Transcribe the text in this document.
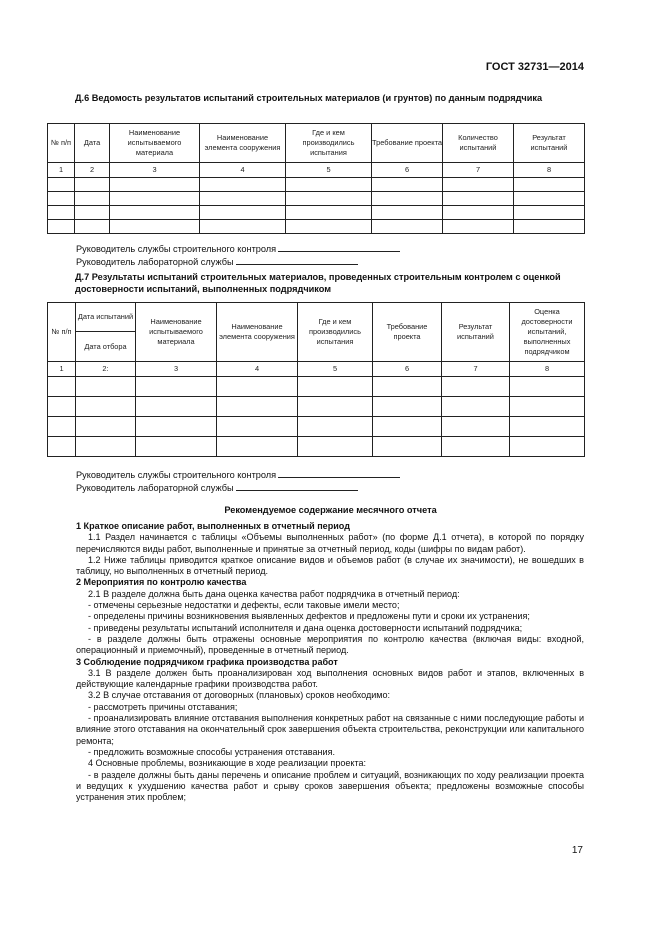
ГОСТ 32731—2014
Д.6 Ведомость результатов испытаний строительных материалов (и грунтов) по данным подрядчика
№ п/п	Дата	Наименование испытываемого материала	Наименование элемента сооружения	Где и кем производились испытания	Требование проекта	Количество испытаний	Результат испытаний
1	2	3	4	5	6	7	8

Руководитель службы строительного контроля
Руководитель лабораторной службы
Д.7 Результаты испытаний строительных материалов, проведенных строительным контролем с оценкой достоверности испытаний, выполненных подрядчиком
№ п/п	Дата испытаний	Наименование испытываемого материала	Наименование элемента сооружения	Где и кем производились испытания	Требование проекта	Результат испытаний	Оценка достоверности испытаний, выполненных подрядчиком
	Дата отбора						
1	2:	3	4	5	6	7	8

Руководитель службы строительного контроля
Руководитель лабораторной службы
Рекомендуемое содержание месячного отчета

1 Краткое описание работ, выполненных в отчетный период

1.1 Раздел начинается с таблицы «Объемы выполненных работ» (по форме Д.1 отчета), в которой по порядку перечисляются виды работ, выполненные и принятые за отчетный период, коды (шифры по видам работ).

1.2 Ниже таблицы приводится краткое описание видов и объемов работ (в случае их значимости), не вошедших в таблицу, но выполненных в отчетный период.

2 Мероприятия по контролю качества

2.1 В разделе должна быть дана оценка качества работ подрядчика в отчетный период:

- отмечены серьезные недостатки и дефекты, если таковые имели место;

- определены причины возникновения выявленных дефектов и предложены пути и сроки их устранения;

- приведены результаты испытаний исполнителя и дана оценка достоверности испытаний подрядчика;

- в разделе должны быть отражены основные мероприятия по контролю качества (включая виды: входной, операционный и приемочный), проведенные в отчетный период.

3 Соблюдение подрядчиком графика производства работ

3.1 В разделе должен быть проанализирован ход выполнения основных видов работ и этапов, включенных в действующие календарные графики производства работ.

3.2 В случае отставания от договорных (плановых) сроков необходимо:

- рассмотреть причины отставания;

- проанализировать влияние отставания выполнения конкретных работ на связанные с ними последующие работы и влияние этого отставания на окончательный срок завершения объекта строительства, реконструкции или капитального ремонта;

- предложить возможные способы устранения отставания.

4 Основные проблемы, возникающие в ходе реализации проекта:

- в разделе должны быть даны перечень и описание проблем и ситуаций, возникающих по ходу реализации проекта и ведущих к ухудшению качества работ и срыву сроков завершения объекта; предложены возможные способы устранения этих проблем;

17
